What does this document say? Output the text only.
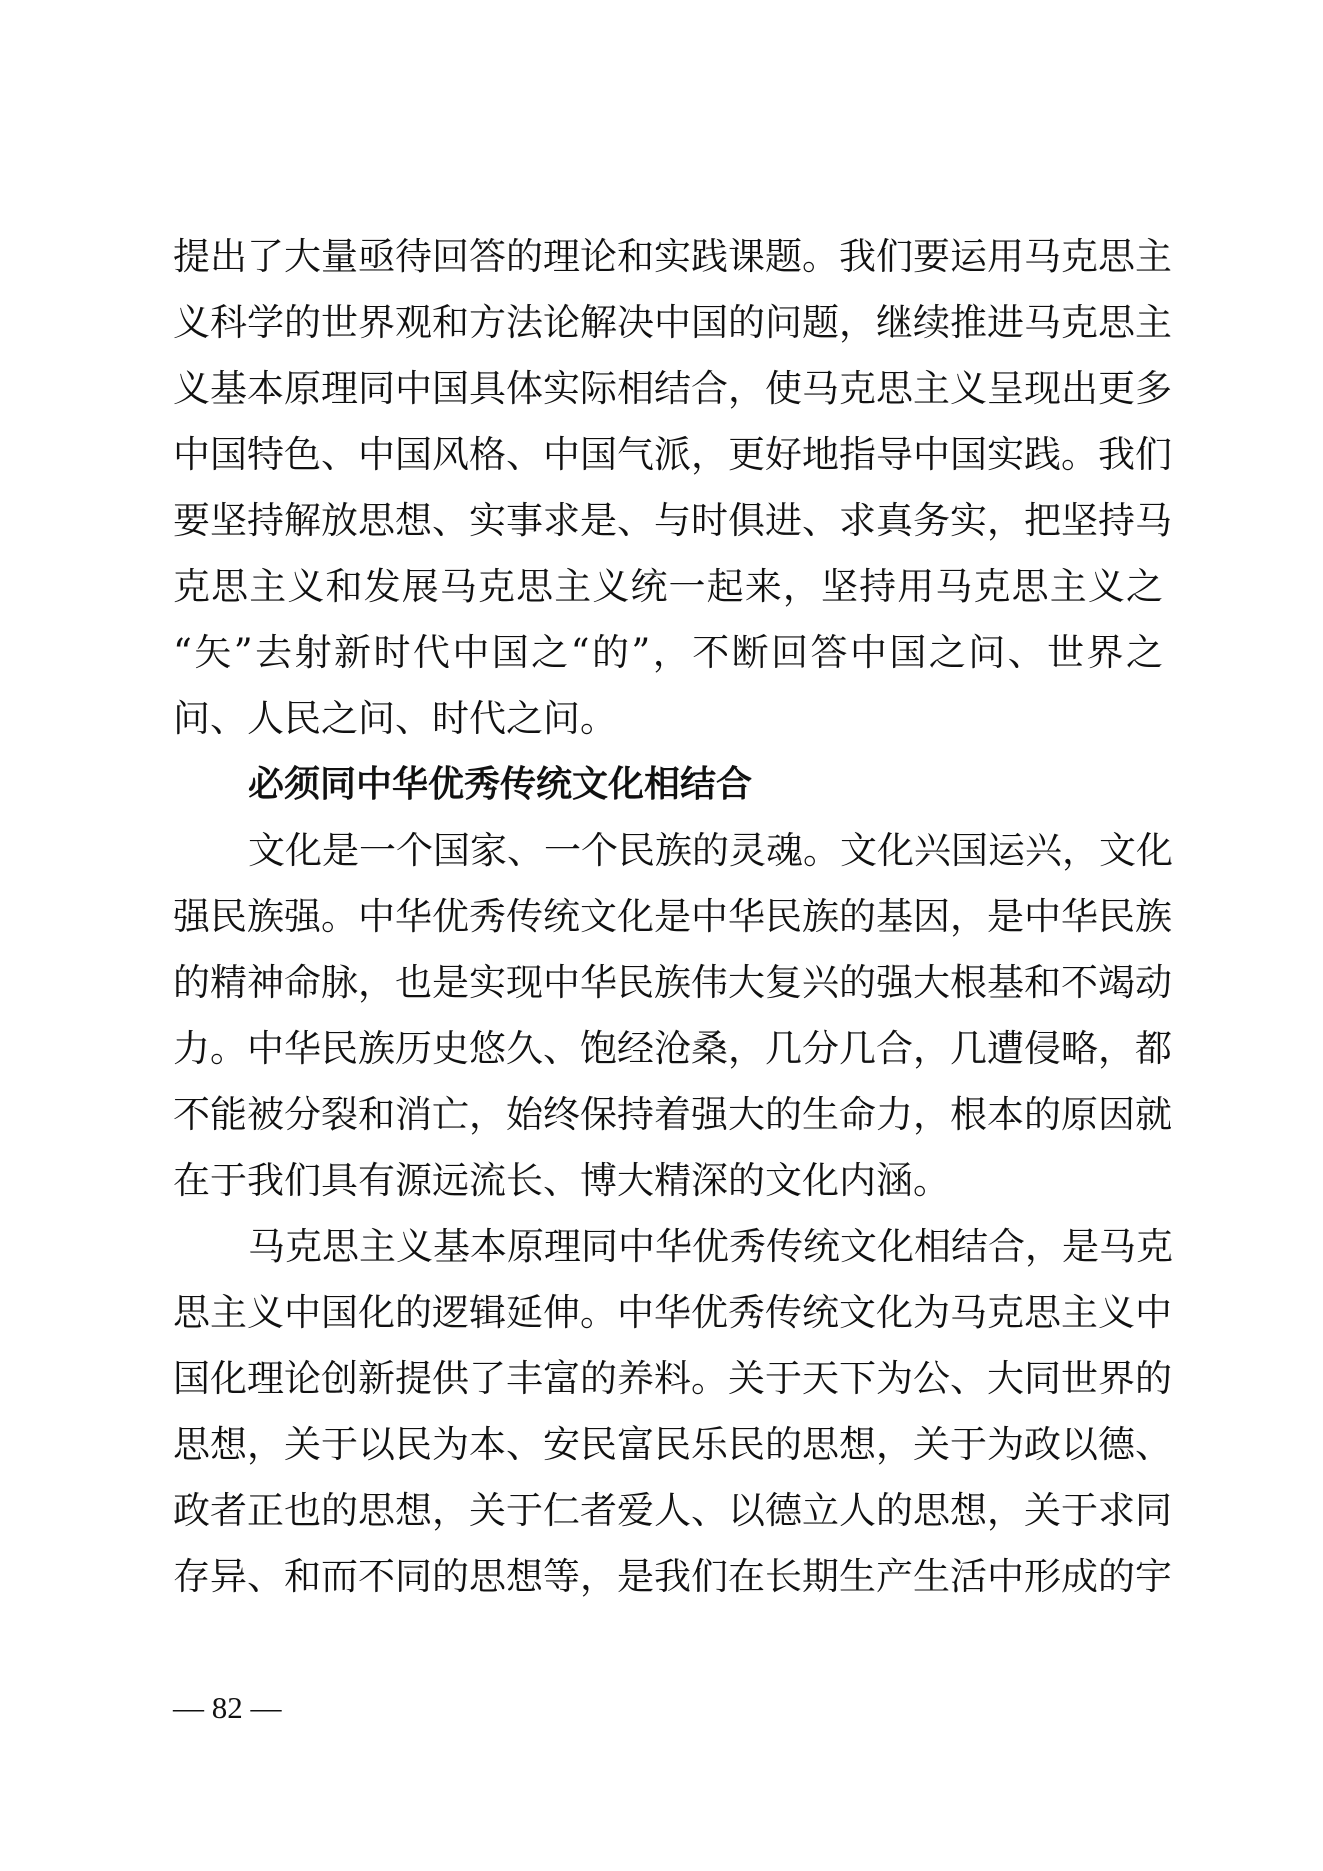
提出了大量亟待回答的理论和实践课题。我们要运用马克思主
义科学的世界观和方法论解决中国的问题，继续推进马克思主
义基本原理同中国具体实际相结合，使马克思主义呈现出更多
中国特色、中国风格、中国气派，更好地指导中国实践。我们
要坚持解放思想、实事求是、与时俱进、求真务实，把坚持马
克思主义和发展马克思主义统一起来，坚持用马克思主义之
“矢”去射新时代中国之“的”，不断回答中国之问、世界之
问、人民之问、时代之问。
必须同中华优秀传统文化相结合
文化是一个国家、一个民族的灵魂。文化兴国运兴，文化
强民族强。中华优秀传统文化是中华民族的基因，是中华民族
的精神命脉，也是实现中华民族伟大复兴的强大根基和不竭动
力。中华民族历史悠久、饱经沧桑，几分几合，几遭侵略，都
不能被分裂和消亡，始终保持着强大的生命力，根本的原因就
在于我们具有源远流长、博大精深的文化内涵。
马克思主义基本原理同中华优秀传统文化相结合，是马克
思主义中国化的逻辑延伸。中华优秀传统文化为马克思主义中
国化理论创新提供了丰富的养料。关于天下为公、大同世界的
思想，关于以民为本、安民富民乐民的思想，关于为政以德、
政者正也的思想，关于仁者爱人、以德立人的思想，关于求同
存异、和而不同的思想等，是我们在长期生产生活中形成的宇
— 82 —
